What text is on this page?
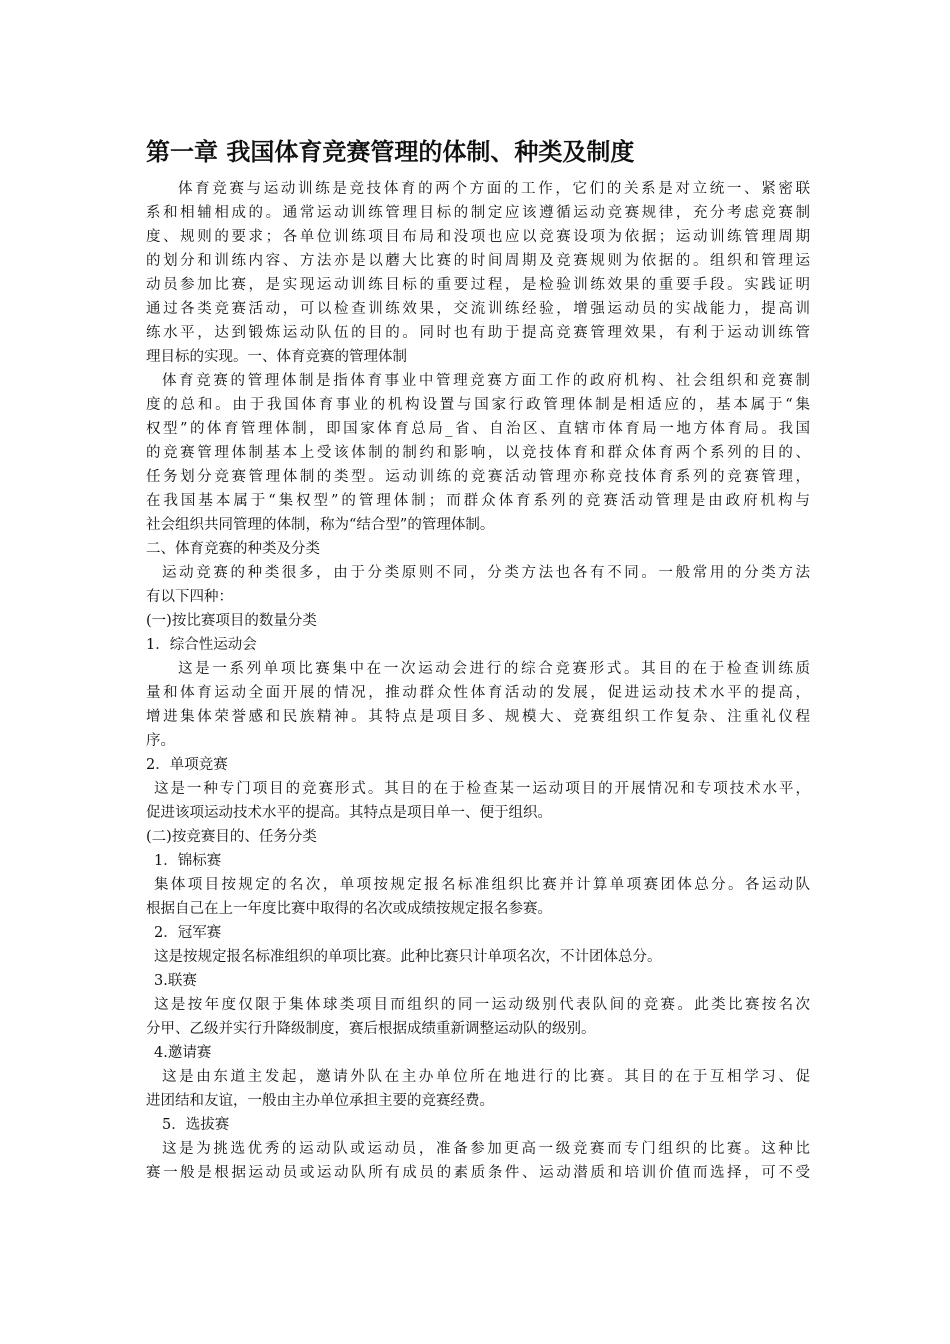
第一章 我国体育竞赛管理的体制、种类及制度
体育竞赛与运动训练是竞技体育的两个方面的工作，它们的关系是对立统一、紧密联
系和相辅相成的。通常运动训练管理目标的制定应该遵循运动竞赛规律，充分考虑竞赛制
度、规则的要求；各单位训练项目布局和没项也应以竞赛设项为依据；运动训练管理周期
的划分和训练内容、方法亦是以蘑大比赛的时间周期及竞赛规则为依据的。组织和管理运
动员参加比赛，是实现运动训练目标的重要过程，是检验训练效果的重要手段。实践证明
通过各类竞赛活动，可以检查训练效果，交流训练经验，增强运动员的实战能力，提高训
练水平，达到锻炼运动队伍的目的。同时也有助于提高竞赛管理效果，有利于运动训练管
理目标的实现。一、体育竞赛的管理体制
体育竞赛的管理体制是指体育事业中管理竞赛方面工作的政府机构、社会组织和竞赛制
度的总和。由于我国体育事业的机构设置与国家行政管理体制是相适应的，基本属于“集
权型”的体育管理体制，即国家体育总局_省、自治区、直辖市体育局一地方体育局。我国
的竞赛管理体制基本上受该体制的制约和影响，以竞技体育和群众体育两个系列的目的、
任务划分竞赛管理体制的类型。运动训练的竞赛活动管理亦称竞技体育系列的竞赛管理，
在我国基本属于“集权型”的管理体制；而群众体育系列的竞赛活动管理是由政府机构与
社会组织共同管理的体制，称为“结合型”的管理体制。
二、体育竞赛的种类及分类
运动竞赛的种类很多，由于分类原则不同，分类方法也各有不同。一般常用的分类方法
有以下四种：
(一)按比赛项目的数量分类
1．综合性运动会
这是一系列单项比赛集中在一次运动会进行的综合竞赛形式。其目的在于检查训练质
量和体育运动全面开展的情况，推动群众性体育活动的发展，促进运动技术水平的提高，
增进集体荣誉感和民族精神。其特点是项目多、规模大、竞赛组织工作复杂、注重礼仪程
序。
2．单项竞赛
这是一种专门项目的竞赛形式。其目的在于检查某一运动项目的开展情况和专项技术水平，
促进该项运动技术水平的提高。其特点是项目单一、便于组织。
(二)按竞赛目的、任务分类
1．锦标赛
集体项目按规定的名次，单项按规定报名标准组织比赛并计算单项赛团体总分。各运动队
根据自己在上一年度比赛中取得的名次或成绩按规定报名参赛。
2．冠军赛
这是按规定报名标准组织的单项比赛。此种比赛只计单项名次，不计团体总分。
3.联赛
这是按年度仅限于集体球类项目而组织的同一运动级别代表队间的竞赛。此类比赛按名次
分甲、乙级并实行升降级制度，赛后根据成绩重新调整运动队的级别。
4.邀请赛
这是由东道主发起，邀请外队在主办单位所在地进行的比赛。其目的在于互相学习、促
进团结和友谊，一般由主办单位承担主要的竞赛经费。
5．选拔赛
这是为挑选优秀的运动队或运动员，准备参加更高一级竞赛而专门组织的比赛。这种比
赛一般是根据运动员或运动队所有成员的素质条件、运动潜质和培训价值而选择，可不受
